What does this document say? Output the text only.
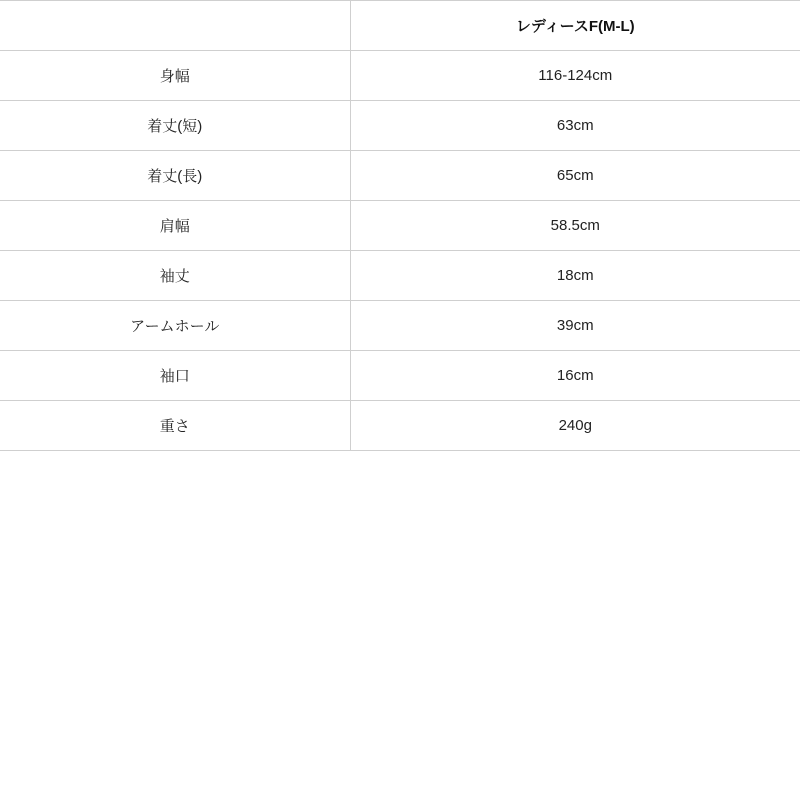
	レディースF(M-L)
身幅	116-124cm
着丈(短)	63cm
着丈(長)	65cm
肩幅	58.5cm
袖丈	18cm
アームホール	39cm
袖口	16cm
重さ	240g
